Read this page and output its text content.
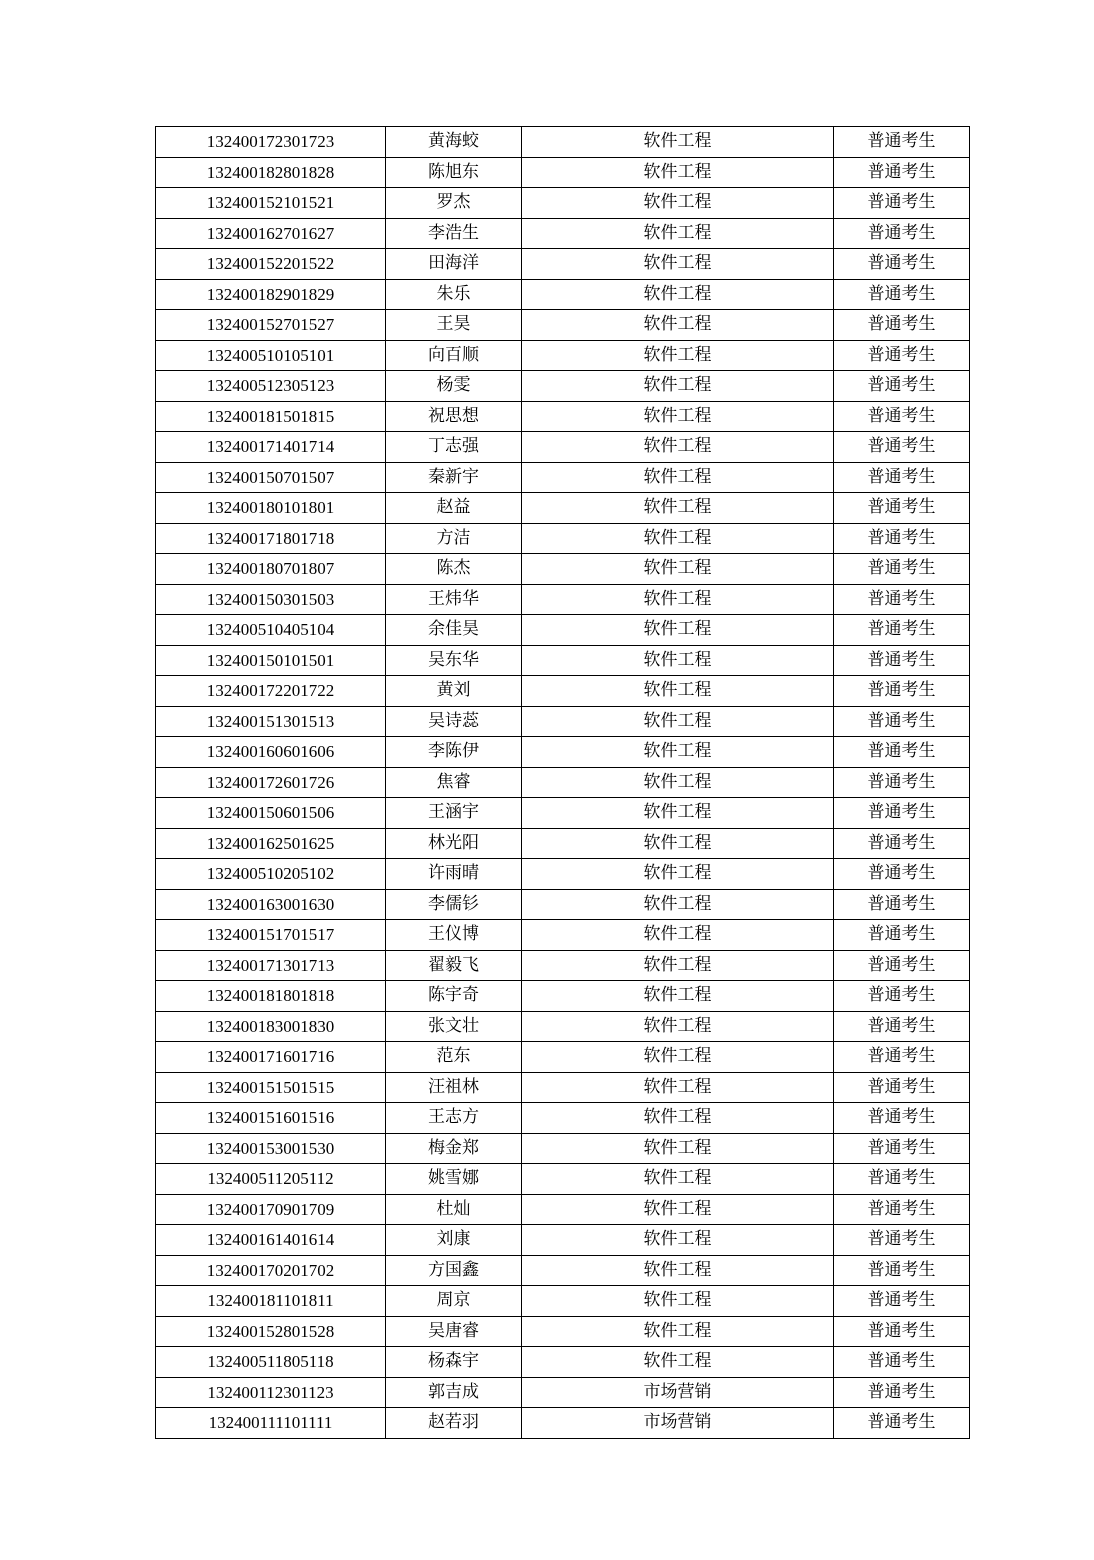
132400172301723	黄海蛟	软件工程	普通考生
132400182801828	陈旭东	软件工程	普通考生
132400152101521	罗杰	软件工程	普通考生
132400162701627	李浩生	软件工程	普通考生
132400152201522	田海洋	软件工程	普通考生
132400182901829	朱乐	软件工程	普通考生
132400152701527	王昊	软件工程	普通考生
132400510105101	向百顺	软件工程	普通考生
132400512305123	杨雯	软件工程	普通考生
132400181501815	祝思想	软件工程	普通考生
132400171401714	丁志强	软件工程	普通考生
132400150701507	秦新宇	软件工程	普通考生
132400180101801	赵益	软件工程	普通考生
132400171801718	方洁	软件工程	普通考生
132400180701807	陈杰	软件工程	普通考生
132400150301503	王炜华	软件工程	普通考生
132400510405104	余佳昊	软件工程	普通考生
132400150101501	吴东华	软件工程	普通考生
132400172201722	黄刘	软件工程	普通考生
132400151301513	吴诗蕊	软件工程	普通考生
132400160601606	李陈伊	软件工程	普通考生
132400172601726	焦睿	软件工程	普通考生
132400150601506	王涵宇	软件工程	普通考生
132400162501625	林光阳	软件工程	普通考生
132400510205102	许雨晴	软件工程	普通考生
132400163001630	李儒钐	软件工程	普通考生
132400151701517	王仪博	软件工程	普通考生
132400171301713	翟毅飞	软件工程	普通考生
132400181801818	陈宇奇	软件工程	普通考生
132400183001830	张文壮	软件工程	普通考生
132400171601716	范东	软件工程	普通考生
132400151501515	汪祖林	软件工程	普通考生
132400151601516	王志方	软件工程	普通考生
132400153001530	梅金郑	软件工程	普通考生
132400511205112	姚雪娜	软件工程	普通考生
132400170901709	杜灿	软件工程	普通考生
132400161401614	刘康	软件工程	普通考生
132400170201702	方国鑫	软件工程	普通考生
132400181101811	周京	软件工程	普通考生
132400152801528	吴唐睿	软件工程	普通考生
132400511805118	杨森宇	软件工程	普通考生
132400112301123	郭吉成	市场营销	普通考生
132400111101111	赵若羽	市场营销	普通考生
